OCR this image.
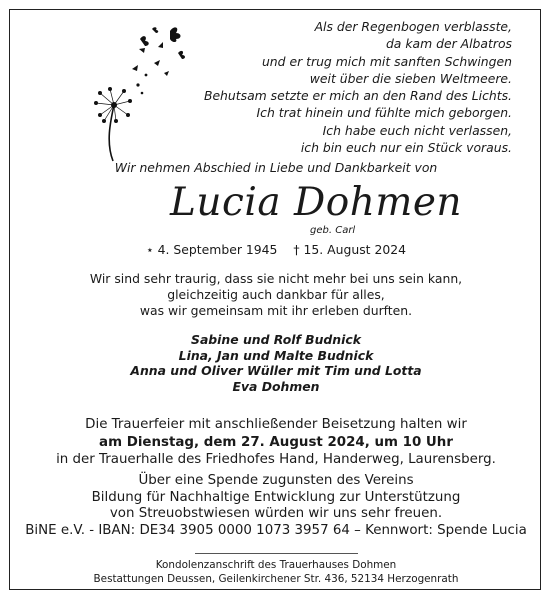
Als der Regenbogen verblasste,
da kam der Albatros
und er trug mich mit sanften Schwingen
weit über die sieben Weltmeere.
Behutsam setzte er mich an den Rand des Lichts.
Ich trat hinein und fühlte mich geborgen.
Ich habe euch nicht verlassen,
ich bin euch nur ein Stück voraus.
Wir nehmen Abschied in Liebe und Dankbarkeit von
Lucia Dohmen
geb. Carl
⋆ 4. September 1945 † 15. August 2024
Wir sind sehr traurig, dass sie nicht mehr bei uns sein kann,
gleichzeitig auch dankbar für alles,
was wir gemeinsam mit ihr erleben durften.
Sabine und Rolf Budnick
Lina, Jan und Malte Budnick
Anna und Oliver Wüller mit Tim und Lotta
Eva Dohmen
Die Trauerfeier mit anschließender Beisetzung halten wir
am Dienstag, dem 27. August 2024, um 10 Uhr
in der Trauerhalle des Friedhofes Hand, Handerweg, Laurensberg.
Über eine Spende zugunsten des Vereins
Bildung für Nachhaltige Entwicklung zur Unterstützung
von Streuobstwiesen würden wir uns sehr freuen.
BiNE e.V. - IBAN: DE34 3905 0000 1073 3957 64 – Kennwort: Spende Lucia
Kondolenzanschrift des Trauerhauses Dohmen
Bestattungen Deussen, Geilenkirchener Str. 436, 52134 Herzogenrath
